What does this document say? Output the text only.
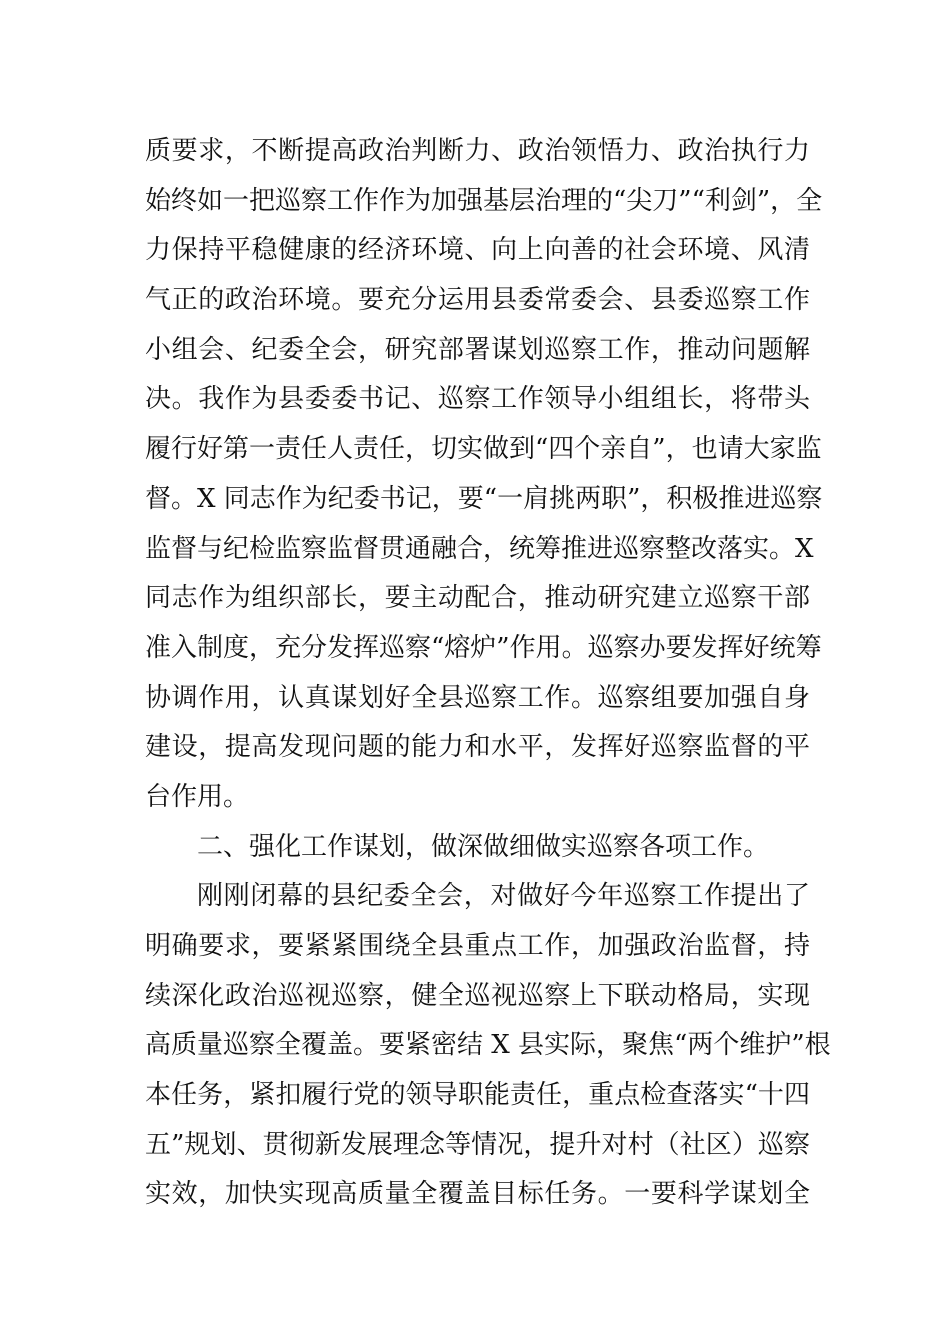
质要求，不断提高政治判断力、政治领悟力、政治执行力
始终如一把巡察工作作为加强基层治理的“尖刀”“利剑”，全
力保持平稳健康的经济环境、向上向善的社会环境、风清
气正的政治环境。要充分运用县委常委会、县委巡察工作
小组会、纪委全会，研究部署谋划巡察工作，推动问题解
决。我作为县委委书记、巡察工作领导小组组长，将带头
履行好第一责任人责任，切实做到“四个亲自”，也请大家监
督。X 同志作为纪委书记，要“一肩挑两职”，积极推进巡察
监督与纪检监察监督贯通融合，统筹推进巡察整改落实。X
同志作为组织部长，要主动配合，推动研究建立巡察干部
准入制度，充分发挥巡察“熔炉”作用。巡察办要发挥好统筹
协调作用，认真谋划好全县巡察工作。巡察组要加强自身
建设，提高发现问题的能力和水平，发挥好巡察监督的平
台作用。
二、强化工作谋划，做深做细做实巡察各项工作。
刚刚闭幕的县纪委全会，对做好今年巡察工作提出了
明确要求，要紧紧围绕全县重点工作，加强政治监督，持
续深化政治巡视巡察，健全巡视巡察上下联动格局，实现
高质量巡察全覆盖。要紧密结 X 县实际，聚焦“两个维护”根
本任务，紧扣履行党的领导职能责任，重点检查落实“十四
五”规划、贯彻新发展理念等情况，提升对村（社区）巡察
实效，加快实现高质量全覆盖目标任务。一要科学谋划全
